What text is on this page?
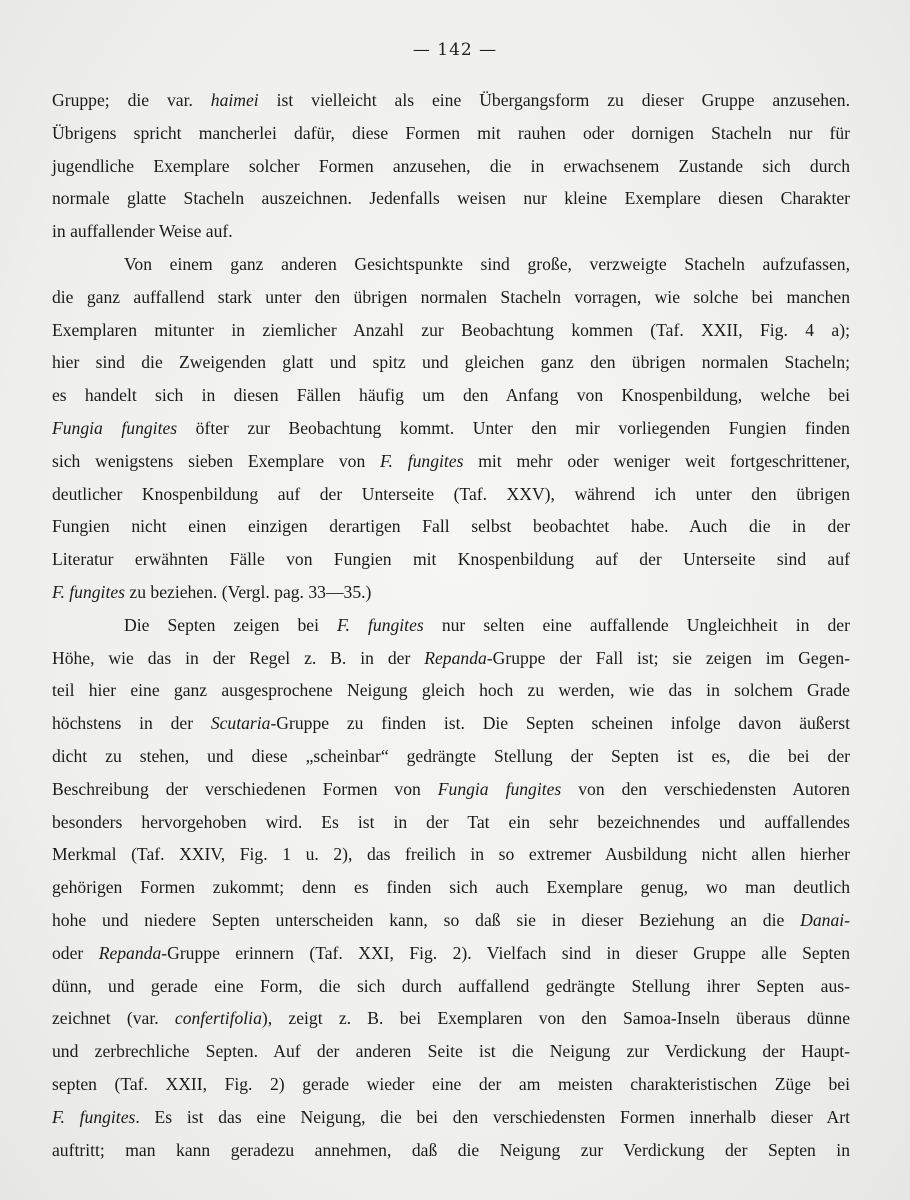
— 142 —
Gruppe; die var. haimei ist vielleicht als eine Übergangsform zu dieser Gruppe anzusehen.
Übrigens spricht mancherlei dafür, diese Formen mit rauhen oder dornigen Stacheln nur für
jugendliche Exemplare solcher Formen anzusehen, die in erwachsenem Zustande sich durch
normale glatte Stacheln auszeichnen. Jedenfalls weisen nur kleine Exemplare diesen Charakter
in auffallender Weise auf.
Von einem ganz anderen Gesichtspunkte sind große, verzweigte Stacheln aufzufassen,
die ganz auffallend stark unter den übrigen normalen Stacheln vorragen, wie solche bei manchen
Exemplaren mitunter in ziemlicher Anzahl zur Beobachtung kommen (Taf. XXII, Fig. 4 a);
hier sind die Zweigenden glatt und spitz und gleichen ganz den übrigen normalen Stacheln;
es handelt sich in diesen Fällen häufig um den Anfang von Knospenbildung, welche bei
Fungia fungites öfter zur Beobachtung kommt. Unter den mir vorliegenden Fungien finden
sich wenigstens sieben Exemplare von F. fungites mit mehr oder weniger weit fortgeschrittener,
deutlicher Knospenbildung auf der Unterseite (Taf. XXV), während ich unter den übrigen
Fungien nicht einen einzigen derartigen Fall selbst beobachtet habe. Auch die in der
Literatur erwähnten Fälle von Fungien mit Knospenbildung auf der Unterseite sind auf
F. fungites zu beziehen. (Vergl. pag. 33—35.)
Die Septen zeigen bei F. fungites nur selten eine auffallende Ungleichheit in der
Höhe, wie das in der Regel z. B. in der Repanda-Gruppe der Fall ist; sie zeigen im Gegen-
teil hier eine ganz ausgesprochene Neigung gleich hoch zu werden, wie das in solchem Grade
höchstens in der Scutaria-Gruppe zu finden ist. Die Septen scheinen infolge davon äußerst
dicht zu stehen, und diese „scheinbar“ gedrängte Stellung der Septen ist es, die bei der
Beschreibung der verschiedenen Formen von Fungia fungites von den verschiedensten Autoren
besonders hervorgehoben wird. Es ist in der Tat ein sehr bezeichnendes und auffallendes
Merkmal (Taf. XXIV, Fig. 1 u. 2), das freilich in so extremer Ausbildung nicht allen hierher
gehörigen Formen zukommt; denn es finden sich auch Exemplare genug, wo man deutlich
hohe und niedere Septen unterscheiden kann, so daß sie in dieser Beziehung an die Danai-
oder Repanda-Gruppe erinnern (Taf. XXI, Fig. 2). Vielfach sind in dieser Gruppe alle Septen
dünn, und gerade eine Form, die sich durch auffallend gedrängte Stellung ihrer Septen aus-
zeichnet (var. confertifolia), zeigt z. B. bei Exemplaren von den Samoa-Inseln überaus dünne
und zerbrechliche Septen. Auf der anderen Seite ist die Neigung zur Verdickung der Haupt-
septen (Taf. XXII, Fig. 2) gerade wieder eine der am meisten charakteristischen Züge bei
F. fungites. Es ist das eine Neigung, die bei den verschiedensten Formen innerhalb dieser Art
auftritt; man kann geradezu annehmen, daß die Neigung zur Verdickung der Septen in
